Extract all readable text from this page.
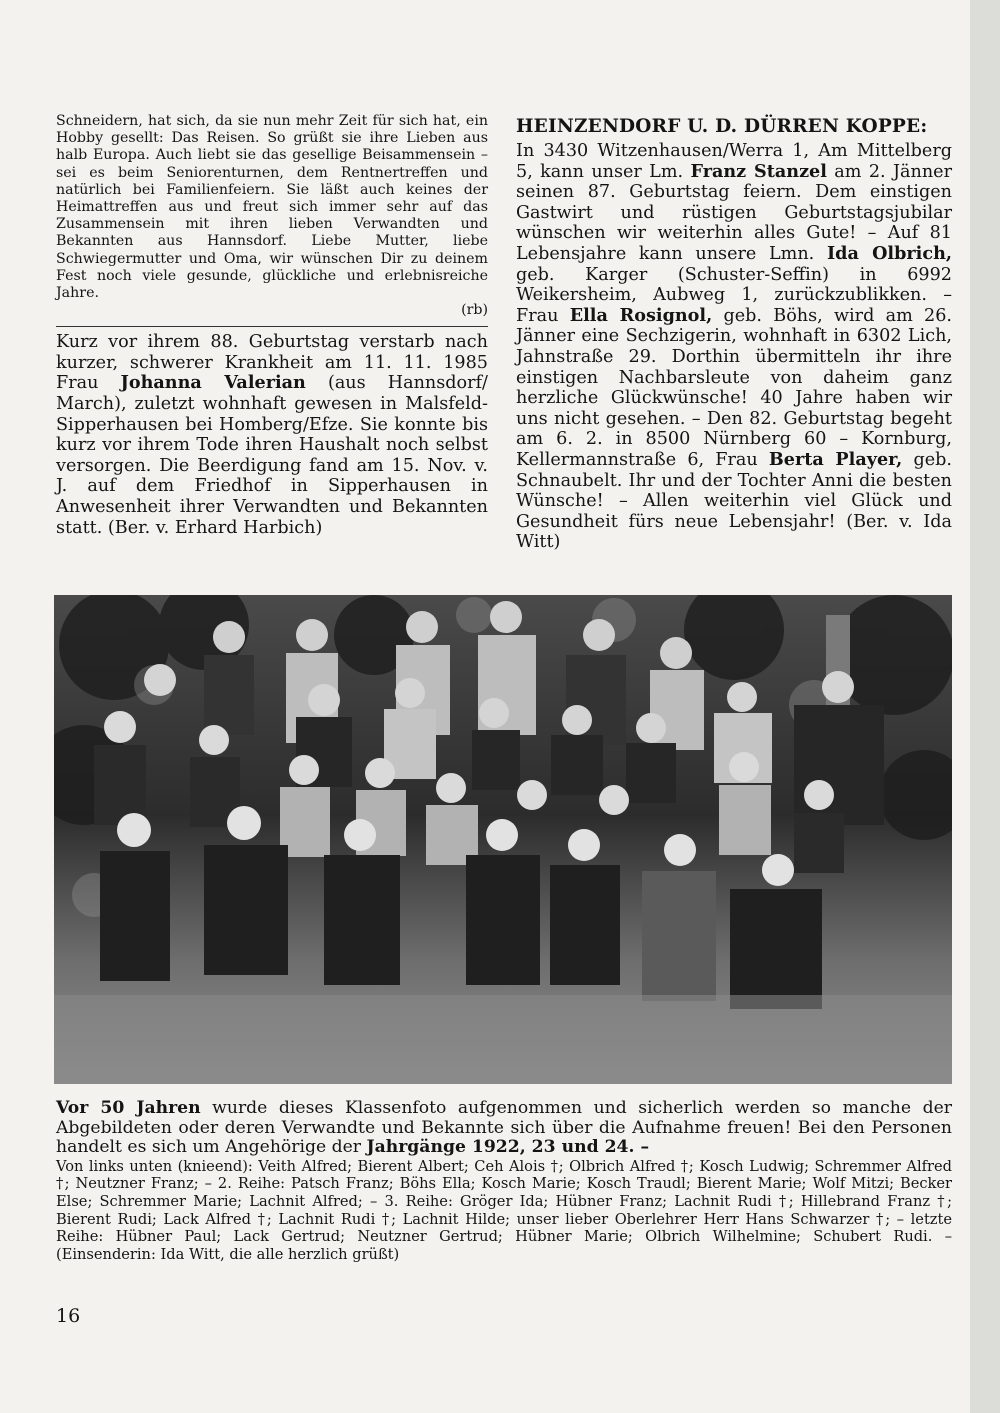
Schneidern, hat sich, da sie nun mehr Zeit für sich hat, ein Hobby gesellt: Das Reisen. So grüßt sie ihre Lieben aus halb Europa. Auch liebt sie das gesellige Beisammensein – sei es beim Seniorenturnen, dem Rentnertreffen und natürlich bei Familienfeiern. Sie läßt auch keines der Heimattreffen aus und freut sich immer sehr auf das Zusammensein mit ihren lieben Verwandten und Bekannten aus Hannsdorf. Liebe Mutter, liebe Schwiegermutter und Oma, wir wünschen Dir zu deinem Fest noch viele gesunde, glückliche und erlebnisreiche Jahre.

(rb)

Kurz vor ihrem 88. Geburtstag verstarb nach kurzer, schwerer Krankheit am 11. 11. 1985 Frau Johanna Valerian (aus Hannsdorf/ March), zuletzt wohnhaft gewesen in Malsfeld-Sipperhausen bei Homberg/Efze. Sie konnte bis kurz vor ihrem Tode ihren Haushalt noch selbst versorgen. Die Beerdigung fand am 15. Nov. v. J. auf dem Friedhof in Sipperhausen in Anwesenheit ihrer Verwandten und Bekannten statt. (Ber. v. Erhard Harbich)

HEINZENDORF U. D. DÜRREN KOPPE:

In 3430 Witzenhausen/Werra 1, Am Mittelberg 5, kann unser Lm. Franz Stanzel am 2. Jänner seinen 87. Geburtstag feiern. Dem einstigen Gastwirt und rüstigen Geburtstagsjubilar wünschen wir weiterhin alles Gute! – Auf 81 Lebensjahre kann unsere Lmn. Ida Olbrich, geb. Karger (Schuster-Seffin) in 6992 Weikersheim, Aubweg 1, zurückzublikken. – Frau Ella Rosignol, geb. Böhs, wird am 26. Jänner eine Sechzigerin, wohnhaft in 6302 Lich, Jahnstraße 29. Dorthin übermitteln ihr ihre einstigen Nachbarsleute von daheim ganz herzliche Glückwünsche! 40 Jahre haben wir uns nicht gesehen. – Den 82. Geburtstag begeht am 6. 2. in 8500 Nürnberg 60 – Kornburg, Kellermannstraße 6, Frau Berta Player, geb. Schnaubelt. Ihr und der Tochter Anni die besten Wünsche! – Allen weiterhin viel Glück und Gesundheit fürs neue Lebensjahr! (Ber. v. Ida Witt)

Vor 50 Jahren wurde dieses Klassenfoto aufgenommen und sicherlich werden so manche der Abgebildeten oder deren Verwandte und Bekannte sich über die Aufnahme freuen! Bei den Personen handelt es sich um Angehörige der Jahrgänge 1922, 23 und 24. –

Von links unten (knieend): Veith Alfred; Bierent Albert; Ceh Alois †; Olbrich Alfred †; Kosch Ludwig; Schremmer Alfred †; Neutzner Franz; – 2. Reihe: Patsch Franz; Böhs Ella; Kosch Marie; Kosch Traudl; Bierent Marie; Wolf Mitzi; Becker Else; Schremmer Marie; Lachnit Alfred; – 3. Reihe: Gröger Ida; Hübner Franz; Lachnit Rudi †; Hillebrand Franz †; Bierent Rudi; Lack Alfred †; Lachnit Rudi †; Lachnit Hilde; unser lieber Oberlehrer Herr Hans Schwarzer †; – letzte Reihe: Hübner Paul; Lack Gertrud; Neutzner Gertrud; Hübner Marie; Olbrich Wilhelmine; Schubert Rudi. – (Einsenderin: Ida Witt, die alle herzlich grüßt)

16
